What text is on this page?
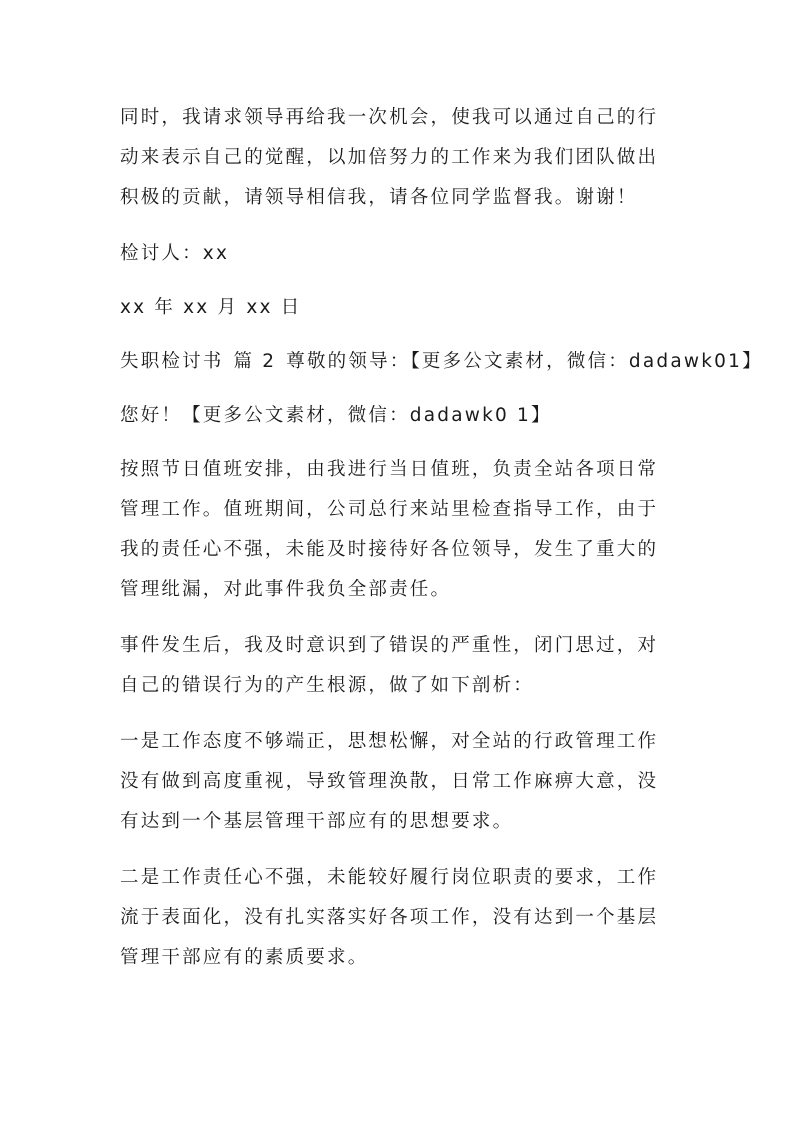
同时，我请求领导再给我一次机会，使我可以通过自己的行
动来表示自己的觉醒，以加倍努力的工作来为我们团队做出
积极的贡献，请领导相信我，请各位同学监督我。谢谢！

检讨人：xx
xx 年 xx 月 xx 日
失职检讨书 篇 2 尊敬的领导：【更多公文素材，微信：dadawk01】
您好！【更多公文素材，微信：dadawk0 1】

按照节日值班安排，由我进行当日值班，负责全站各项日常
管理工作。值班期间，公司总行来站里检查指导工作，由于
我的责任心不强，未能及时接待好各位领导，发生了重大的
管理纰漏，对此事件我负全部责任。

事件发生后，我及时意识到了错误的严重性，闭门思过，对
自己的错误行为的产生根源，做了如下剖析：

一是工作态度不够端正，思想松懈，对全站的行政管理工作
没有做到高度重视，导致管理涣散，日常工作麻痹大意，没
有达到一个基层管理干部应有的思想要求。

二是工作责任心不强，未能较好履行岗位职责的要求，工作
流于表面化，没有扎实落实好各项工作，没有达到一个基层
管理干部应有的素质要求。
